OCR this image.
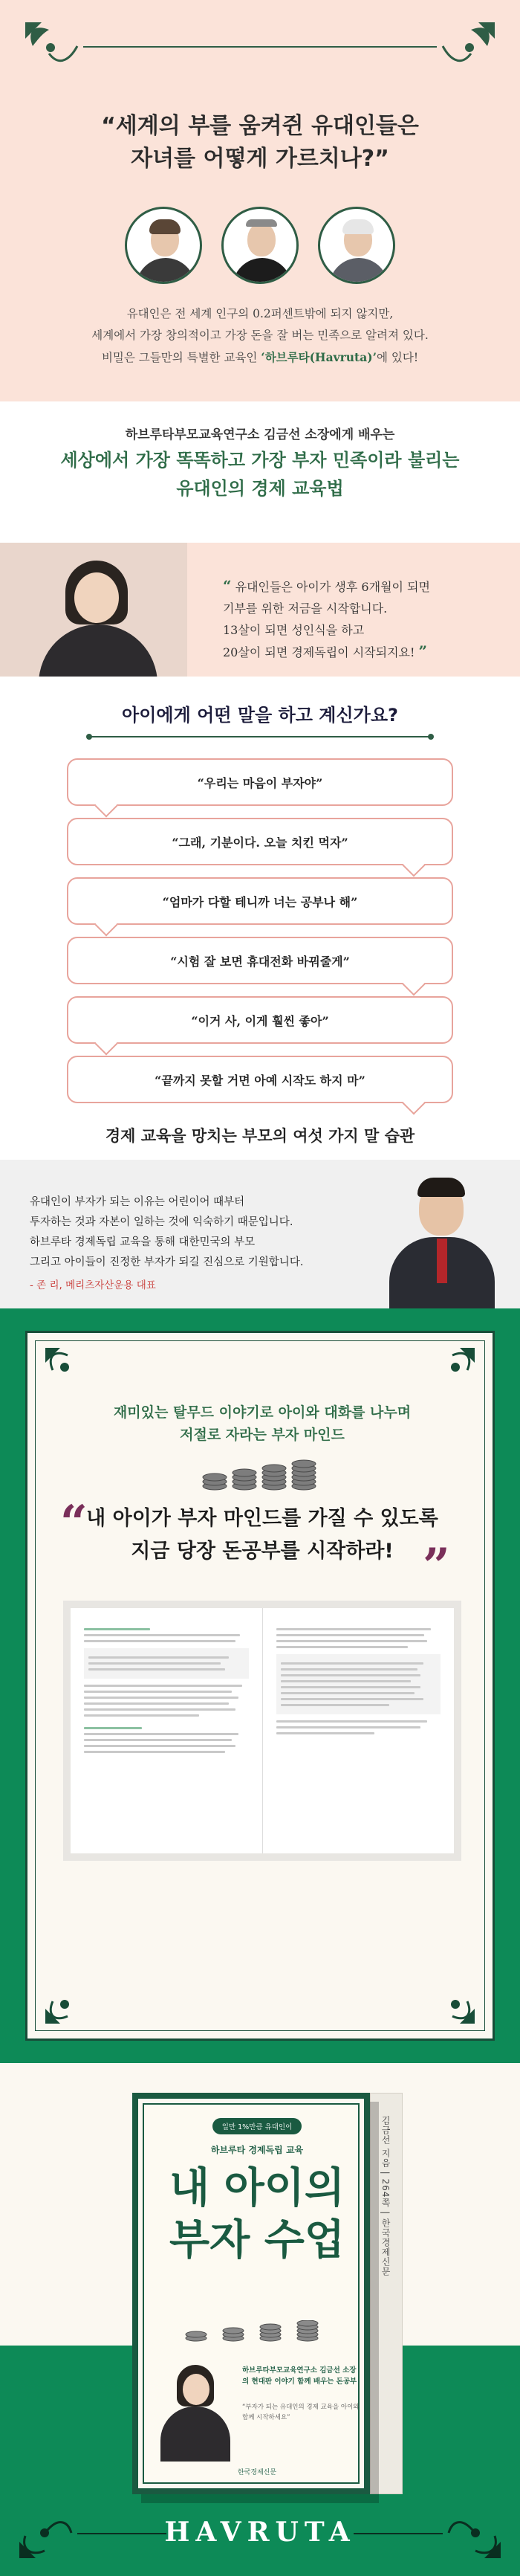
“세계의 부를 움켜쥔 유대인들은
자녀를 어떻게 가르치나?”
유대인은 전 세계 인구의 0.2퍼센트밖에 되지 않지만,
세계에서 가장 창의적이고 가장 돈을 잘 버는 민족으로 알려져 있다.
비밀은 그들만의 특별한 교육인 ‘하브루타(Havruta)’에 있다!
하브루타부모교육연구소 김금선 소장에게 배우는
세상에서 가장 똑똑하고 가장 부자 민족이라 불리는
유대인의 경제 교육법
“ 유대인들은 아이가 생후 6개월이 되면
기부를 위한 저금을 시작합니다.
13살이 되면 성인식을 하고
20살이 되면 경제독립이 시작되지요! ”
아이에게 어떤 말을 하고 계신가요?
“우리는 마음이 부자야”
“그래, 기분이다. 오늘 치킨 먹자”
“엄마가 다할 테니까 너는 공부나 해”
“시험 잘 보면 휴대전화 바꿔줄게”
“이거 사, 이게 훨씬 좋아”
“끝까지 못할 거면 아예 시작도 하지 마”
경제 교육을 망치는 부모의 여섯 가지 말 습관
유대인이 부자가 되는 이유는 어린이어 때부터
투자하는 것과 자본이 일하는 것에 익숙하기 때문입니다.
하브루타 경제독립 교육을 통해 대한민국의 부모
그리고 아이들이 진정한 부자가 되길 진심으로 기원합니다.
- 존 리, 메리츠자산운용 대표
재미있는 탈무드 이야기로 아이와 대화를 나누며
저절로 자라는 부자 마인드
“
내 아이가 부자 마인드를 가질 수 있도록
지금 당장 돈공부를 시작하라! ”
김금선 지음 | 264쪽 | 한국경제신문
일만 1%만큼 유대인이
하브루타 경제독립 교육
내 아이의
부자 수업
하브루타부모교육연구소 김금선 소장의 현대판 이야기 함께 배우는 돈공부
“부자가 되는 유대인의 경제 교육을 아이와 함께 시작하세요”
한국경제신문
HAVRUTA
